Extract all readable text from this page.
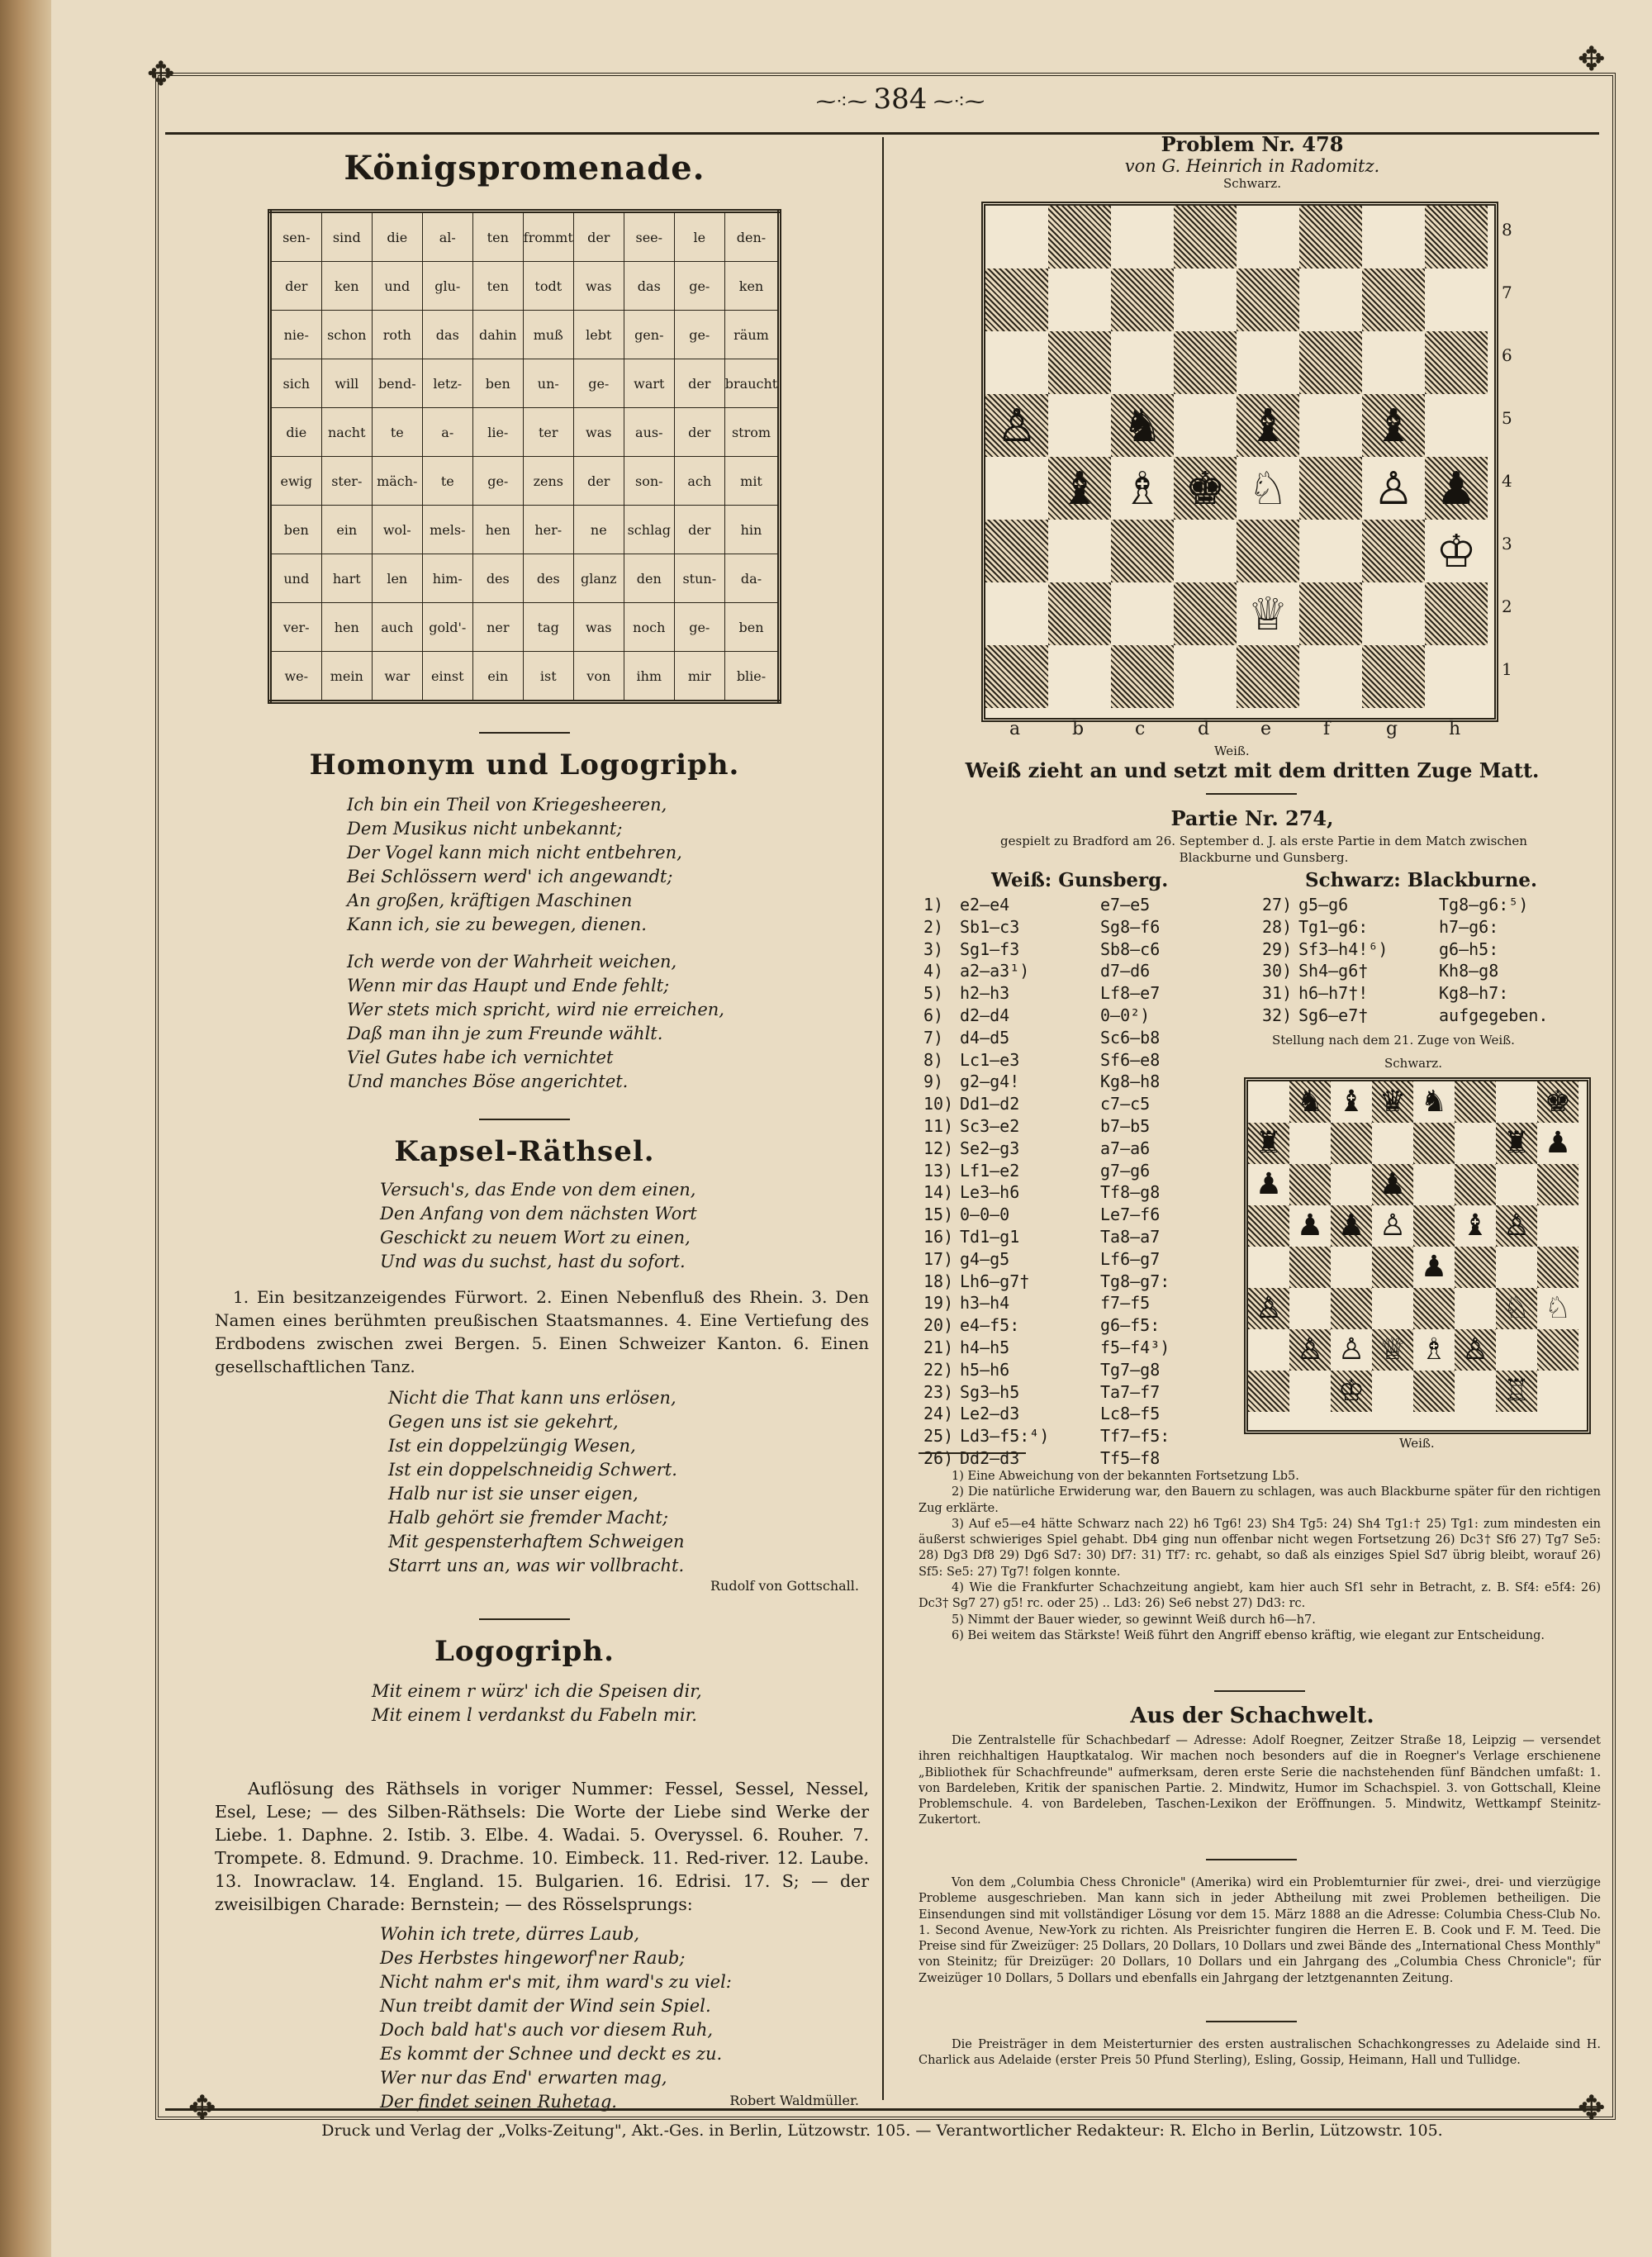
✥	✥
✥	✥
⁓⁖⁓ 384 ⁓⁖⁓
Königspromenade.
sen-	sind	die	al-	ten	frommt	der	see-	le	den-
der	ken	und	glu-	ten	todt	was	das	ge-	ken
nie-	schon	roth	das	dahin	muß	lebt	gen-	ge-	räum
sich	will	bend-	letz-	ben	un-	ge-	wart	der	braucht
die	nacht	te	a-	lie-	ter	was	aus-	der	strom
ewig	ster-	mäch-	te	ge-	zens	der	son-	ach	mit
ben	ein	wol-	mels-	hen	her-	ne	schlag	der	hin
und	hart	len	him-	des	des	glanz	den	stun-	da-
ver-	hen	auch	gold'-	ner	tag	was	noch	ge-	ben
we-	mein	war	einst	ein	ist	von	ihm	mir	blie-
Homonym und Logogriph.
Ich bin ein Theil von Kriegesheeren,
Dem Musikus nicht unbekannt;
Der Vogel kann mich nicht entbehren,
Bei Schlössern werd' ich angewandt;
An großen, kräftigen Maschinen
Kann ich, sie zu bewegen, dienen.
Ich werde von der Wahrheit weichen,
Wenn mir das Haupt und Ende fehlt;
Wer stets mich spricht, wird nie erreichen,
Daß man ihn je zum Freunde wählt.
Viel Gutes habe ich vernichtet
Und manches Böse angerichtet.
Kapsel-Räthsel.
Versuch's, das Ende von dem einen,
Den Anfang von dem nächsten Wort
Geschickt zu neuem Wort zu einen,
Und was du suchst, hast du sofort.
1. Ein besitzanzeigendes Fürwort. 2. Einen Nebenfluß des Rhein. 3. Den Namen eines berühmten preußischen Staatsmannes. 4. Eine Vertiefung des Erdbodens zwischen zwei Bergen. 5. Einen Schweizer Kanton. 6. Einen gesellschaftlichen Tanz.
Nicht die That kann uns erlösen,
Gegen uns ist sie gekehrt,
Ist ein doppelzüngig Wesen,
Ist ein doppelschneidig Schwert.
Halb nur ist sie unser eigen,
Halb gehört sie fremder Macht;
Mit gespensterhaftem Schweigen
Starrt uns an, was wir vollbracht.
Rudolf von Gottschall.
Logogriph.
Mit einem r würz' ich die Speisen dir,
Mit einem l verdankst du Fabeln mir.
Auflösung des Räthsels in voriger Nummer: Fessel, Sessel, Nessel, Esel, Lese; — des Silben-Räthsels: Die Worte der Liebe sind Werke der Liebe. 1. Daphne. 2. Istib. 3. Elbe. 4. Wadai. 5. Overyssel. 6. Rouher. 7. Trompete. 8. Edmund. 9. Drachme. 10. Eimbeck. 11. Red-river. 12. Laube. 13. Inowraclaw. 14. England. 15. Bulgarien. 16. Edrisi. 17. S; — der zweisilbigen Charade: Bernstein; — des Rösselsprungs:
Wohin ich trete, dürres Laub,
Des Herbstes hingeworf'ner Raub;
Nicht nahm er's mit, ihm ward's zu viel:
Nun treibt damit der Wind sein Spiel.
Doch bald hat's auch vor diesem Ruh,
Es kommt der Schnee und deckt es zu.
Wer nur das End' erwarten mag,
Der findet seinen Ruhetag.	Robert Waldmüller.
Problem Nr. 478
von G. Heinrich in Radomitz.
Schwarz.
♙ ♞ ♝ ♝
♝ ♗ ♚ ♘ ♙ ♟
♔
♕
8
7
6
5
4
3
2
1
a	b	c	d	e	f	g	h
Weiß.
Weiß zieht an und setzt mit dem dritten Zuge Matt.
Partie Nr. 274,
gespielt zu Bradford am 26. September d. J. als erste Partie in dem Match zwischen Blackburne und Gunsberg.
Weiß: Gunsberg.	Schwarz: Blackburne.
1) e2—e4	e7—e5
2) Sb1—c3	Sg8—f6
3) Sg1—f3	Sb8—c6
4) a2—a3¹)	d7—d6
5) h2—h3	Lf8—e7
6) d2—d4	0—0²)
7) d4—d5	Sc6—b8
8) Lc1—e3	Sf6—e8
9) g2—g4!	Kg8—h8
10) Dd1—d2	c7—c5
11) Sc3—e2	b7—b5
12) Se2—g3	a7—a6
13) Lf1—e2	g7—g6
14) Le3—h6	Tf8—g8
15) 0—0—0	Le7—f6
16) Td1—g1	Ta8—a7
17) g4—g5	Lf6—g7
18) Lh6—g7†	Tg8—g7:
19) h3—h4	f7—f5
20) e4—f5:	g6—f5:
21) h4—h5	f5—f4³)
22) h5—h6	Tg7—g8
23) Sg3—h5	Ta7—f7
24) Le2—d3	Lc8—f5
25) Ld3—f5:⁴)	Tf7—f5:
26) Dd2—d3	Tf5—f8
27) g5—g6	Tg8—g6:⁵)
28) Tg1—g6:	h7—g6:
29) Sf3—h4!⁶)	g6—h5:
30) Sh4—g6†	Kh8—g8
31) h6—h7†!	Kg8—h7:
32) Sg6—e7†	aufgegeben.
Stellung nach dem 21. Zuge von Weiß.
Schwarz.
♞ ♝ ♛ ♞	♚
♜	♜ ♟
♟	♟
♟ ♟ ♙ ♝ ♙
♟
♙	♘ ♘
♙ ♙ ♕ ♗ ♙
♔	♖
Weiß.
1) Eine Abweichung von der bekannten Fortsetzung Lb5.
2) Die natürliche Erwiderung war, den Bauern zu schlagen, was auch Blackburne später für den richtigen Zug erklärte.
3) Auf e5—e4 hätte Schwarz nach 22) h6 Tg6! 23) Sh4 Tg5: 24) Sh4 Tg1:† 25) Tg1: zum mindesten ein äußerst schwieriges Spiel gehabt. Db4 ging nun offenbar nicht wegen Fortsetzung 26) Dc3† Sf6 27) Tg7 Se5: 28) Dg3 Df8 29) Dg6 Sd7: 30) Df7: 31) Tf7: rc. gehabt, so daß als einziges Spiel Sd7 übrig bleibt, worauf 26) Sf5: Se5: 27) Tg7! folgen konnte.
4) Wie die Frankfurter Schachzeitung angiebt, kam hier auch Sf1 sehr in Betracht, z. B. Sf4: e5f4: 26) Dc3† Sg7 27) g5! rc. oder 25) .. Ld3: 26) Se6 nebst 27) Dd3: rc.
5) Nimmt der Bauer wieder, so gewinnt Weiß durch h6—h7.
6) Bei weitem das Stärkste! Weiß führt den Angriff ebenso kräftig, wie elegant zur Entscheidung.
Aus der Schachwelt.
Die Zentralstelle für Schachbedarf — Adresse: Adolf Roegner, Zeitzer Straße 18, Leipzig — versendet ihren reichhaltigen Hauptkatalog. Wir machen noch besonders auf die in Roegner's Verlage erschienene „Bibliothek für Schachfreunde" aufmerksam, deren erste Serie die nachstehenden fünf Bändchen umfaßt: 1. von Bardeleben, Kritik der spanischen Partie. 2. Mindwitz, Humor im Schachspiel. 3. von Gottschall, Kleine Problemschule. 4. von Bardeleben, Taschen-Lexikon der Eröffnungen. 5. Mindwitz, Wettkampf Steinitz-Zukertort.
Von dem „Columbia Chess Chronicle" (Amerika) wird ein Problemturnier für zwei-, drei- und vierzügige Probleme ausgeschrieben. Man kann sich in jeder Abtheilung mit zwei Problemen betheiligen. Die Einsendungen sind mit vollständiger Lösung vor dem 15. März 1888 an die Adresse: Columbia Chess-Club No. 1. Second Avenue, New-York zu richten. Als Preisrichter fungiren die Herren E. B. Cook und F. M. Teed. Die Preise sind für Zweizüger: 25 Dollars, 20 Dollars, 10 Dollars und zwei Bände des „International Chess Monthly" von Steinitz; für Dreizüger: 20 Dollars, 10 Dollars und ein Jahrgang des „Columbia Chess Chronicle"; für Zweizüger 10 Dollars, 5 Dollars und ebenfalls ein Jahrgang der letztgenannten Zeitung.
Die Preisträger in dem Meisterturnier des ersten australischen Schachkongresses zu Adelaide sind H. Charlick aus Adelaide (erster Preis 50 Pfund Sterling), Esling, Gossip, Heimann, Hall und Tullidge.
Druck und Verlag der „Volks-Zeitung", Akt.-Ges. in Berlin, Lützowstr. 105. — Verantwortlicher Redakteur: R. Elcho in Berlin, Lützowstr. 105.
